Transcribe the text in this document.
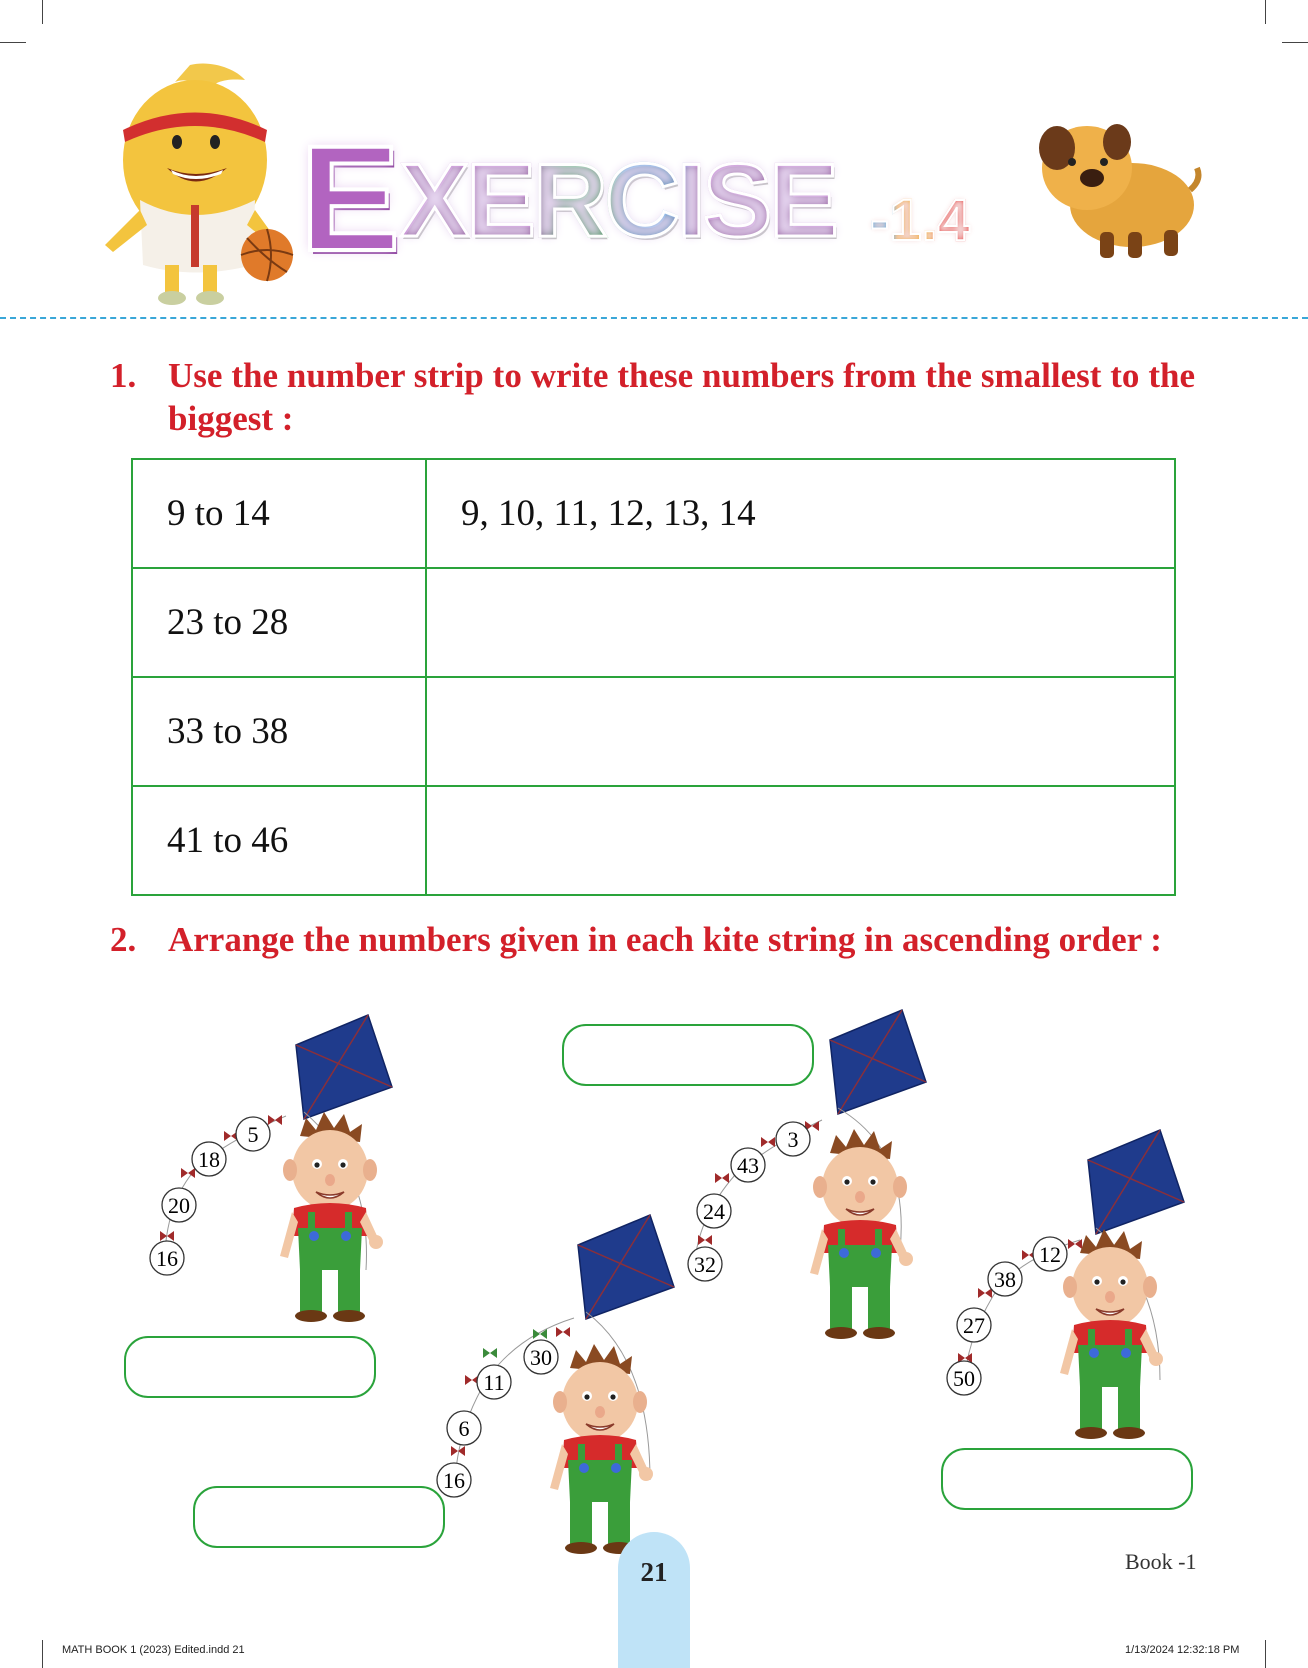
E XERCISE -1.4
1. Use the number strip to write these numbers from the smallest to the biggest :
9 to 14	9, 10, 11, 12, 13, 14
23 to 28	
33 to 38	
41 to 46	
2. Arrange the numbers given in each kite string in ascending order :
5
18
20
16
30
11
6
16
3
43
24
32	12
38
27
50
21	Book -1
MATH BOOK 1 (2023) Edited.indd 21	1/13/2024 12:32:18 PM
